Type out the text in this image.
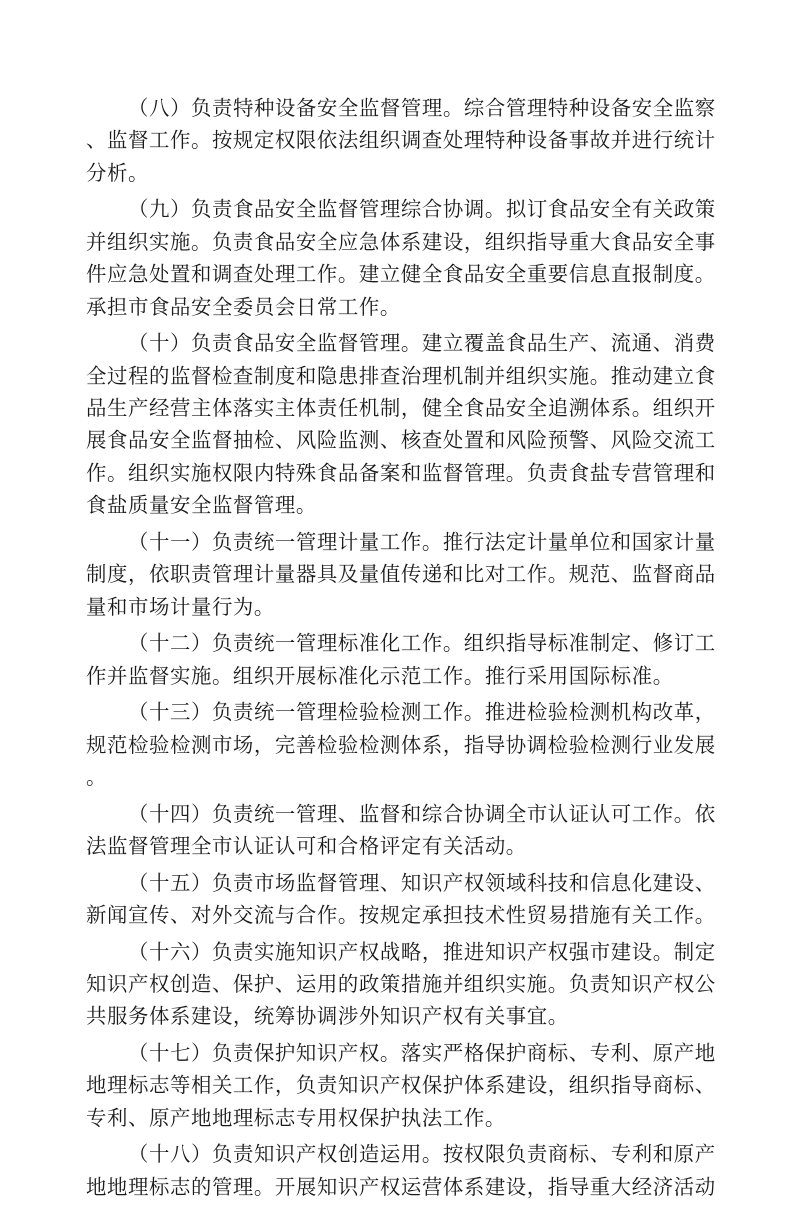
（八）负责特种设备安全监督管理。综合管理特种设备安全监察
、监督工作。按规定权限依法组织调查处理特种设备事故并进行统计
分析。
（九）负责食品安全监督管理综合协调。拟订食品安全有关政策
并组织实施。负责食品安全应急体系建设，组织指导重大食品安全事
件应急处置和调查处理工作。建立健全食品安全重要信息直报制度。
承担市食品安全委员会日常工作。
（十）负责食品安全监督管理。建立覆盖食品生产、流通、消费
全过程的监督检查制度和隐患排查治理机制并组织实施。推动建立食
品生产经营主体落实主体责任机制，健全食品安全追溯体系。组织开
展食品安全监督抽检、风险监测、核查处置和风险预警、风险交流工
作。组织实施权限内特殊食品备案和监督管理。负责食盐专营管理和
食盐质量安全监督管理。
（十一）负责统一管理计量工作。推行法定计量单位和国家计量
制度，依职责管理计量器具及量值传递和比对工作。规范、监督商品
量和市场计量行为。
（十二）负责统一管理标准化工作。组织指导标准制定、修订工
作并监督实施。组织开展标准化示范工作。推行采用国际标准。
（十三）负责统一管理检验检测工作。推进检验检测机构改革，
规范检验检测市场，完善检验检测体系，指导协调检验检测行业发展
。
（十四）负责统一管理、监督和综合协调全市认证认可工作。依
法监督管理全市认证认可和合格评定有关活动。
（十五）负责市场监督管理、知识产权领域科技和信息化建设、
新闻宣传、对外交流与合作。按规定承担技术性贸易措施有关工作。
（十六）负责实施知识产权战略，推进知识产权强市建设。制定
知识产权创造、保护、运用的政策措施并组织实施。负责知识产权公
共服务体系建设，统筹协调涉外知识产权有关事宜。
（十七）负责保护知识产权。落实严格保护商标、专利、原产地
地理标志等相关工作，负责知识产权保护体系建设，组织指导商标、
专利、原产地地理标志专用权保护执法工作。
（十八）负责知识产权创造运用。按权限负责商标、专利和原产
地地理标志的管理。开展知识产权运营体系建设，指导重大经济活动
